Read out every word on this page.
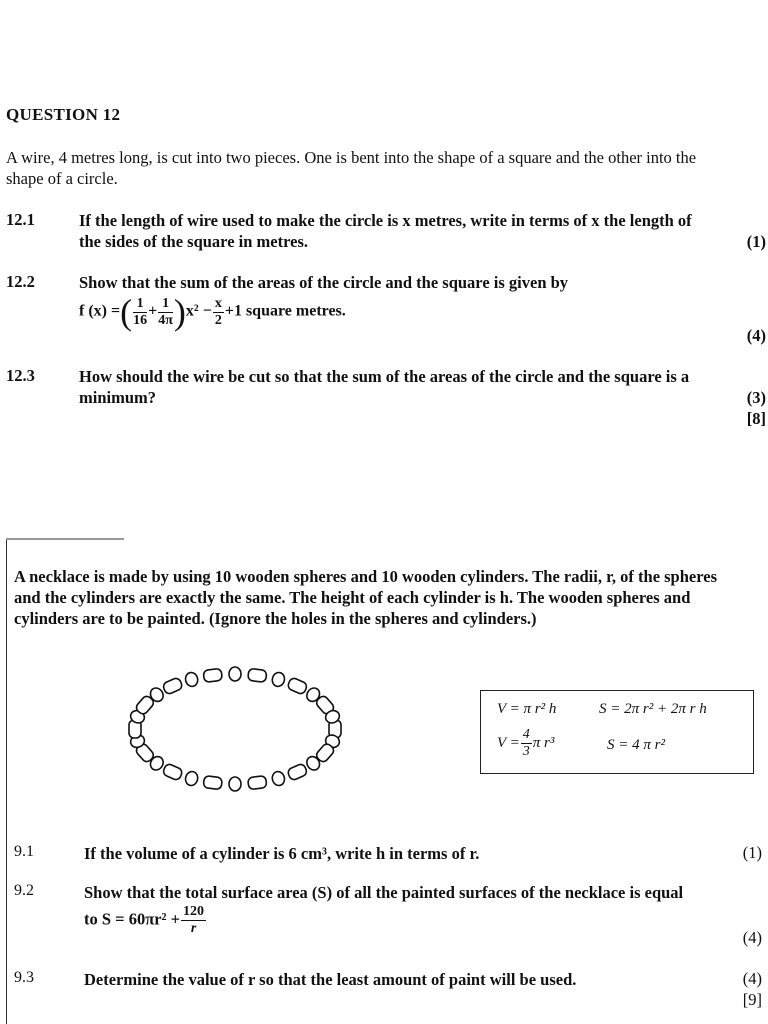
QUESTION 12
A wire, 4 metres long, is cut into two pieces. One is bent into the shape of a square and the other into the shape of a circle.
12.1	If the length of wire used to make the circle is x metres, write in terms of x the length of the sides of the square in metres.	(1)
12.2	Show that the sum of the areas of the circle and the square is given by
f (x) =( $\frac{1}{16} + \frac{1}{4\pi} )x^2 - \frac{x}{2} +1$ square metres.
(4)
12.3	How should the wire be cut so that the sum of the areas of the circle and the square is a minimum?	(3)
[8]
A necklace is made by using 10 wooden spheres and 10 wooden cylinders. The radii, r, of the spheres and the cylinders are exactly the same. The height of each cylinder is h. The wooden spheres and cylinders are to be painted. (Ignore the holes in the spheres and cylinders.)
V = π r² h	S = 2π r² + 2π r h
$V = \frac{4}{3}$ π r³	S = 4 π r²
9.1	If the volume of a cylinder is 6 cm³, write h in terms of r.	(1)
9.2	Show that the total surface area (S) of all the painted surfaces of the necklace is equal
to $S = 60\pi r^2 + \frac{120}{r}$
(4)
9.3	Determine the value of r so that the least amount of paint will be used.	(4)
[9]
